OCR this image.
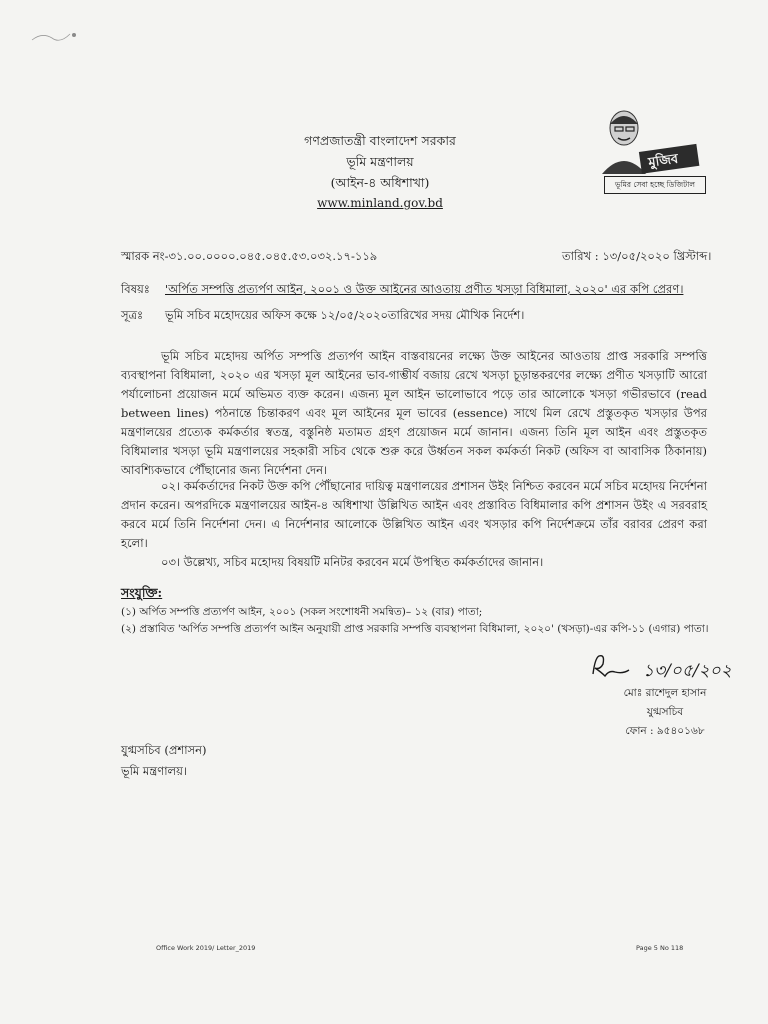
গণপ্রজাতন্ত্রী বাংলাদেশ সরকার
ভূমি মন্ত্রণালয়
(আইন-৪ অধিশাখা)
www.minland.gov.bd
মুজিব
ভূমির সেবা হচ্ছে ডিজিটাল
স্মারক নং-৩১.০০.০০০০.০৪৫.০৪৫.৫৩.০৩২.১৭-১১৯	তারিখ : ১৩/০৫/২০২০ খ্রিস্টাব্দ।
বিষয়ঃ 'অর্পিত সম্পত্তি প্রত্যর্পণ আইন, ২০০১ ও উক্ত আইনের আওতায় প্রণীত খসড়া বিধিমালা, ২০২০' এর কপি প্রেরণ।
সূত্রঃ ভূমি সচিব মহোদয়ের অফিস কক্ষে ১২/০৫/২০২০তারিখের সদয় মৌখিক নির্দেশ।
ভূমি সচিব মহোদয় অর্পিত সম্পত্তি প্রত্যর্পণ আইন বাস্তবায়নের লক্ষ্যে উক্ত আইনের আওতায় প্রাপ্ত সরকারি সম্পত্তি ব্যবস্থাপনা বিধিমালা, ২০২০ এর খসড়া মূল আইনের ভাব-গাম্ভীর্য বজায় রেখে খসড়া চূড়ান্তকরণের লক্ষ্যে প্রণীত খসড়াটি আরো পর্যালোচনা প্রয়োজন মর্মে অভিমত ব্যক্ত করেন। এজন্য মূল আইন ভালোভাবে পড়ে তার আলোকে খসড়া গভীরভাবে (read between lines) পঠনান্তে চিন্তাকরণ এবং মূল আইনের মূল ভাবের (essence) সাথে মিল রেখে প্রস্তুতকৃত খসড়ার উপর মন্ত্রণালয়ের প্রত্যেক কর্মকর্তার স্বতন্ত্র, বস্তুনিষ্ঠ মতামত গ্রহণ প্রয়োজন মর্মে জানান। এজন্য তিনি মূল আইন এবং প্রস্তুতকৃত বিধিমালার খসড়া ভূমি মন্ত্রণালয়ের সহকারী সচিব থেকে শুরু করে উর্ধ্বতন সকল কর্মকর্তা নিকট (অফিস বা আবাসিক ঠিকানায়) আবশ্যিকভাবে পৌঁছানোর জন্য নির্দেশনা দেন।
০২। কর্মকর্তাদের নিকট উক্ত কপি পৌঁছানোর দায়িত্ব মন্ত্রণালয়ের প্রশাসন উইং নিশ্চিত করবেন মর্মে সচিব মহোদয় নির্দেশনা প্রদান করেন। অপরদিকে মন্ত্রণালয়ের আইন-৪ অধিশাখা উল্লিখিত আইন এবং প্রস্তাবিত বিধিমালার কপি প্রশাসন উইং এ সরবরাহ করবে মর্মে তিনি নির্দেশনা দেন। এ নির্দেশনার আলোকে উল্লিখিত আইন এবং খসড়ার কপি নির্দেশক্রমে তাঁর বরাবর প্রেরণ করা হলো।
০৩। উল্লেখ্য, সচিব মহোদয় বিষয়টি মনিটর করবেন মর্মে উপস্থিত কর্মকর্তাদের জানান।
সংযুক্তি:
(১) অর্পিত সম্পত্তি প্রত্যর্পণ আইন, ২০০১ (সকল সংশোধনী সমন্বিত)– ১২ (বার) পাতা;
(২) প্রস্তাবিত 'অর্পিত সম্পত্তি প্রত্যর্পণ আইন অনুযায়ী প্রাপ্ত সরকারি সম্পত্তি ব্যবস্থাপনা বিধিমালা, ২০২০' (খসড়া)-এর কপি-১১ (এগার) পাতা।
১৩/০৫/২০২
মোঃ রাশেদুল হাসান
যুগ্মসচিব
ফোন : ৯৫৪০১৬৮
যুগ্মসচিব (প্রশাসন)
ভূমি মন্ত্রণালয়।
Office Work 2019/ Letter_2019	Page 5 No 118
